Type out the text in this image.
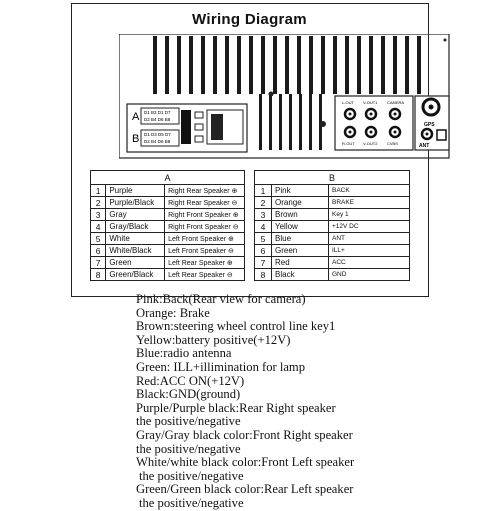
Wiring Diagram
A
B
D1 B3 D1 D7
D2 B4 D6 B8
D1 D3 D5 D7
D2 B4 D6 B8
L-OUT V-OUT1 CAMERA
R-OUT V-OUT2 CVBS
GPS
ANT
A		
1	Purple	Right Rear Speaker ⊕
2	Purple/Black	Right Rear Speaker ⊖
3	Gray	Right Front Speaker ⊕
4	Gray/Black	Right Front Speaker ⊖
5	White	Left Front Speaker ⊕
6	White/Black	Left Front Speaker ⊖
7	Green	Left Rear Speaker ⊕
8	Green/Black	Left Rear Speaker ⊖
B		
1	Pink	BACK
2	Orange	BRAKE
3	Brown	Key 1
4	Yellow	+12V DC
5	Blue	ANT
6	Green	ILL+
7	Red	ACC
8	Black	GND
Pink:Back(Rear view for camera)
Orange: Brake
Brown:steering wheel control line key1
Yellow:battery positive(+12V)
Blue:radio antenna
Green: ILL+illimination for lamp
Red:ACC ON(+12V)
Black:GND(ground)
Purple/Purple black:Rear Right speaker
the positive/negative
Gray/Gray black color:Front Right speaker
the positive/negative
White/white black color:Front Left speaker
the positive/negative
Green/Green black color:Rear Left speaker
the positive/negative
